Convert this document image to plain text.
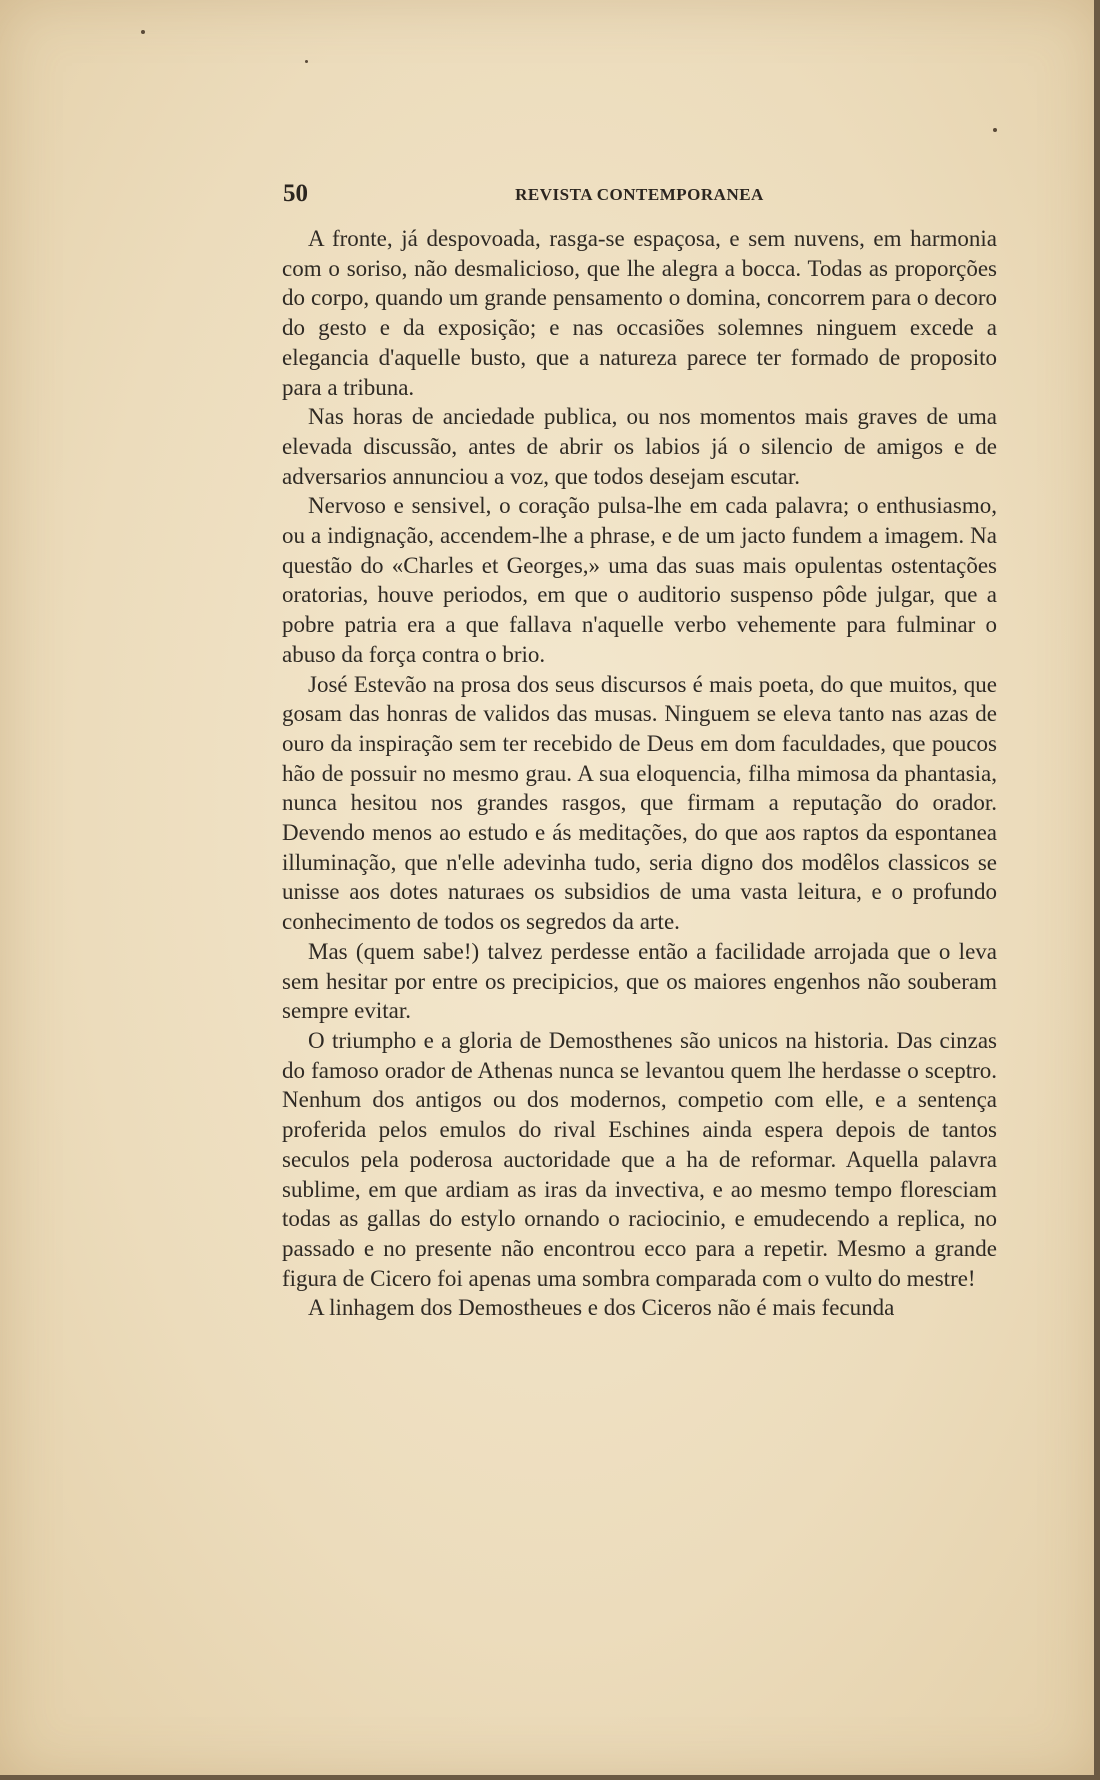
50	REVISTA CONTEMPORANEA

A fronte, já despovoada, rasga-se espaçosa, e sem nuvens, em harmonia com o soriso, não desmalicioso, que lhe alegra a bocca. Todas as proporções do corpo, quando um grande pensamento o domina, concorrem para o decoro do gesto e da exposição; e nas occasiões solemnes ninguem excede a elegancia d'aquelle busto, que a natureza parece ter formado de proposito para a tribuna.

Nas horas de anciedade publica, ou nos momentos mais graves de uma elevada discussão, antes de abrir os labios já o silencio de amigos e de adversarios annunciou a voz, que todos desejam escutar.

Nervoso e sensivel, o coração pulsa-lhe em cada palavra; o enthusiasmo, ou a indignação, accendem-lhe a phrase, e de um jacto fundem a imagem. Na questão do «Charles et Georges,» uma das suas mais opulentas ostentações oratorias, houve periodos, em que o auditorio suspenso pôde julgar, que a pobre patria era a que fallava n'aquelle verbo vehemente para fulminar o abuso da força contra o brio.

José Estevão na prosa dos seus discursos é mais poeta, do que muitos, que gosam das honras de validos das musas. Ninguem se eleva tanto nas azas de ouro da inspiração sem ter recebido de Deus em dom faculdades, que poucos hão de possuir no mesmo grau. A sua eloquencia, filha mimosa da phantasia, nunca hesitou nos grandes rasgos, que firmam a reputação do orador. Devendo menos ao estudo e ás meditações, do que aos raptos da espontanea illuminação, que n'elle adevinha tudo, seria digno dos modêlos classicos se unisse aos dotes naturaes os subsidios de uma vasta leitura, e o profundo conhecimento de todos os segredos da arte.

Mas (quem sabe!) talvez perdesse então a facilidade arrojada que o leva sem hesitar por entre os precipicios, que os maiores engenhos não souberam sempre evitar.

O triumpho e a gloria de Demosthenes são unicos na historia. Das cinzas do famoso orador de Athenas nunca se levantou quem lhe herdasse o sceptro. Nenhum dos antigos ou dos modernos, competio com elle, e a sentença proferida pelos emulos do rival Eschines ainda espera depois de tantos seculos pela poderosa auctoridade que a ha de reformar. Aquella palavra sublime, em que ardiam as iras da invectiva, e ao mesmo tempo floresciam todas as gallas do estylo ornando o raciocinio, e emudecendo a replica, no passado e no presente não encontrou ecco para a repetir. Mesmo a grande figura de Cicero foi apenas uma sombra comparada com o vulto do mestre!

A linhagem dos Demostheues e dos Ciceros não é mais fecunda
